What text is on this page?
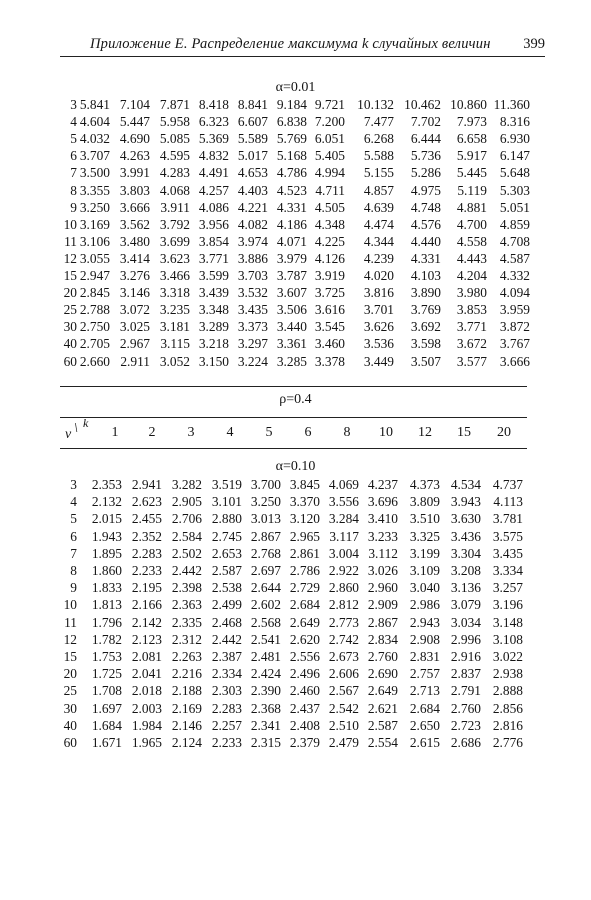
Приложение E. Распределение максимума k случайных величин 399
α=0.01
3 5.841 7.104 7.871 8.418 8.841 9.184 9.721 10.132 10.462 10.860 11.360
4 4.604 5.447 5.958 6.323 6.607 6.838 7.200 7.477 7.702 7.973 8.316
5 4.032 4.690 5.085 5.369 5.589 5.769 6.051 6.268 6.444 6.658 6.930
6 3.707 4.263 4.595 4.832 5.017 5.168 5.405 5.588 5.736 5.917 6.147
7 3.500 3.991 4.283 4.491 4.653 4.786 4.994 5.155 5.286 5.445 5.648
8 3.355 3.803 4.068 4.257 4.403 4.523 4.711 4.857 4.975 5.119 5.303
9 3.250 3.666 3.911 4.086 4.221 4.331 4.505 4.639 4.748 4.881 5.051
10 3.169 3.562 3.792 3.956 4.082 4.186 4.348 4.474 4.576 4.700 4.859
11 3.106 3.480 3.699 3.854 3.974 4.071 4.225 4.344 4.440 4.558 4.708
12 3.055 3.414 3.623 3.771 3.886 3.979 4.126 4.239 4.331 4.443 4.587
15 2.947 3.276 3.466 3.599 3.703 3.787 3.919 4.020 4.103 4.204 4.332
20 2.845 3.146 3.318 3.439 3.532 3.607 3.725 3.816 3.890 3.980 4.094
25 2.788 3.072 3.235 3.348 3.435 3.506 3.616 3.701 3.769 3.853 3.959
30 2.750 3.025 3.181 3.289 3.373 3.440 3.545 3.626 3.692 3.771 3.872
40 2.705 2.967 3.115 3.218 3.297 3.361 3.460 3.536 3.598 3.672 3.767
60 2.660 2.911 3.052 3.150 3.224 3.285 3.378 3.449 3.507 3.577 3.666
ρ=0.4
ν \ k
1	2	3	4	5	6	8	10	12	15	20
α=0.10
3 2.353 2.941 3.282 3.519 3.700 3.845 4.069 4.237 4.373 4.534 4.737
4 2.132 2.623 2.905 3.101 3.250 3.370 3.556 3.696 3.809 3.943 4.113
5 2.015 2.455 2.706 2.880 3.013 3.120 3.284 3.410 3.510 3.630 3.781
6 1.943 2.352 2.584 2.745 2.867 2.965 3.117 3.233 3.325 3.436 3.575
7 1.895 2.283 2.502 2.653 2.768 2.861 3.004 3.112 3.199 3.304 3.435
8 1.860 2.233 2.442 2.587 2.697 2.786 2.922 3.026 3.109 3.208 3.334
9 1.833 2.195 2.398 2.538 2.644 2.729 2.860 2.960 3.040 3.136 3.257
10 1.813 2.166 2.363 2.499 2.602 2.684 2.812 2.909 2.986 3.079 3.196
11 1.796 2.142 2.335 2.468 2.568 2.649 2.773 2.867 2.943 3.034 3.148
12 1.782 2.123 2.312 2.442 2.541 2.620 2.742 2.834 2.908 2.996 3.108
15 1.753 2.081 2.263 2.387 2.481 2.556 2.673 2.760 2.831 2.916 3.022
20 1.725 2.041 2.216 2.334 2.424 2.496 2.606 2.690 2.757 2.837 2.938
25 1.708 2.018 2.188 2.303 2.390 2.460 2.567 2.649 2.713 2.791 2.888
30 1.697 2.003 2.169 2.283 2.368 2.437 2.542 2.621 2.684 2.760 2.856
40 1.684 1.984 2.146 2.257 2.341 2.408 2.510 2.587 2.650 2.723 2.816
60 1.671 1.965 2.124 2.233 2.315 2.379 2.479 2.554 2.615 2.686 2.776
